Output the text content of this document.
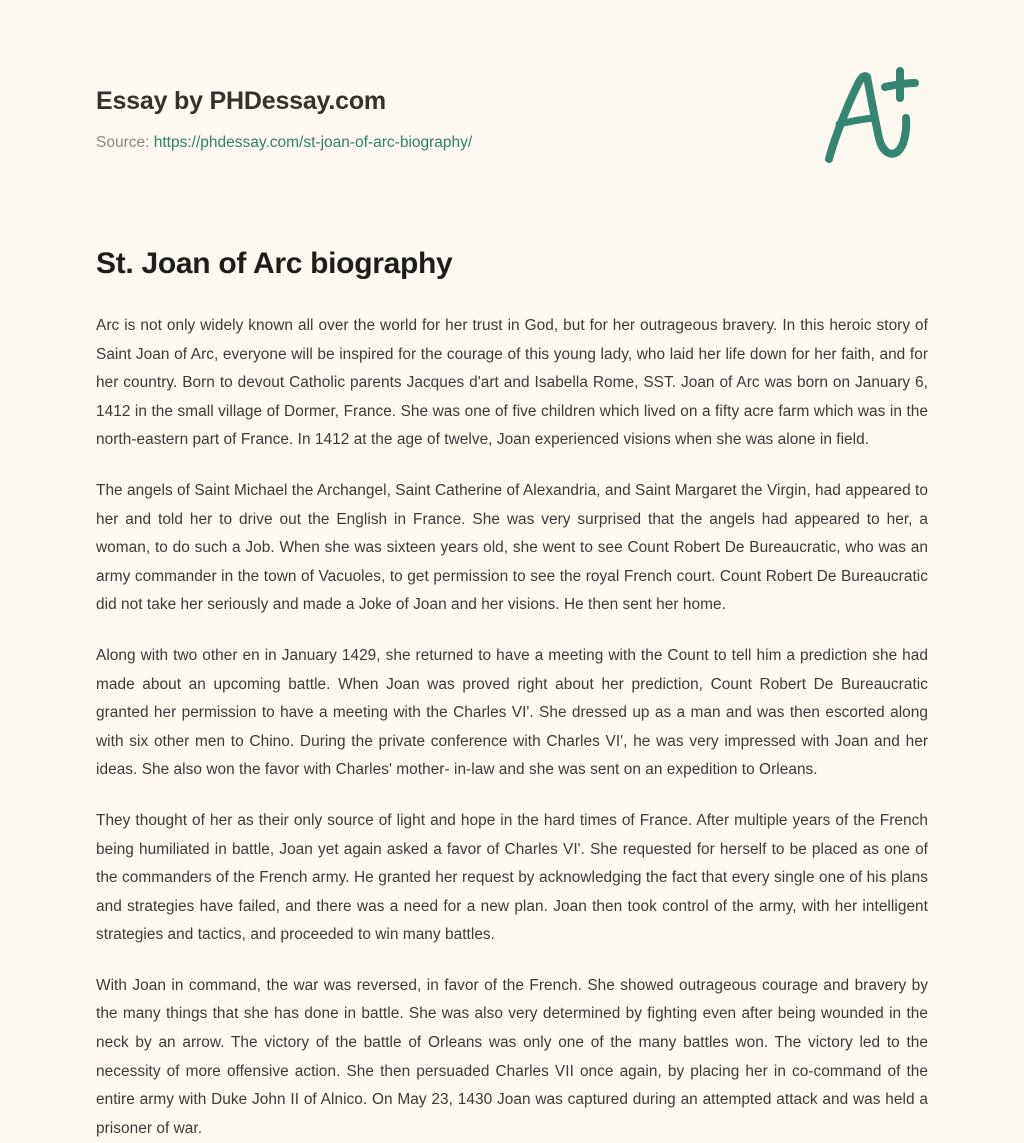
Essay by PHDessay.com
Source: https://phdessay.com/st-joan-of-arc-biography/
St. Joan of Arc biography

Arc is not only widely known all over the world for her trust in God, but for her outrageous bravery. In this heroic story of Saint Joan of Arc, everyone will be inspired for the courage of this young lady, who laid her life down for her faith, and for her country. Born to devout Catholic parents Jacques d'art and Isabella Rome, SST. Joan of Arc was born on January 6, 1412 in the small village of Dormer, France. She was one of five children which lived on a fifty acre farm which was in the north-eastern part of France. In 1412 at the age of twelve, Joan experienced visions when she was alone in field.

The angels of Saint Michael the Archangel, Saint Catherine of Alexandria, and Saint Margaret the Virgin, had appeared to her and told her to drive out the English in France. She was very surprised that the angels had appeared to her, a woman, to do such a Job. When she was sixteen years old, she went to see Count Robert De Bureaucratic, who was an army commander in the town of Vacuoles, to get permission to see the royal French court. Count Robert De Bureaucratic did not take her seriously and made a Joke of Joan and her visions. He then sent her home.

Along with two other en in January 1429, she returned to have a meeting with the Count to tell him a prediction she had made about an upcoming battle. When Joan was proved right about her prediction, Count Robert De Bureaucratic granted her permission to have a meeting with the Charles VI'. She dressed up as a man and was then escorted along with six other men to Chino. During the private conference with Charles VI', he was very impressed with Joan and her ideas. She also won the favor with Charles' mother- in-law and she was sent on an expedition to Orleans.

They thought of her as their only source of light and hope in the hard times of France. After multiple years of the French being humiliated in battle, Joan yet again asked a favor of Charles VI'. She requested for herself to be placed as one of the commanders of the French army. He granted her request by acknowledging the fact that every single one of his plans and strategies have failed, and there was a need for a new plan. Joan then took control of the army, with her intelligent strategies and tactics, and proceeded to win many battles.

With Joan in command, the war was reversed, in favor of the French. She showed outrageous courage and bravery by the many things that she has done in battle. She was also very determined by fighting even after being wounded in the neck by an arrow. The victory of the battle of Orleans was only one of the many battles won. The victory led to the necessity of more offensive action. She then persuaded Charles VII once again, by placing her in co-command of the entire army with Duke John II of Alnico. On May 23, 1430 Joan was captured during an attempted attack and was held a prisoner of war.
